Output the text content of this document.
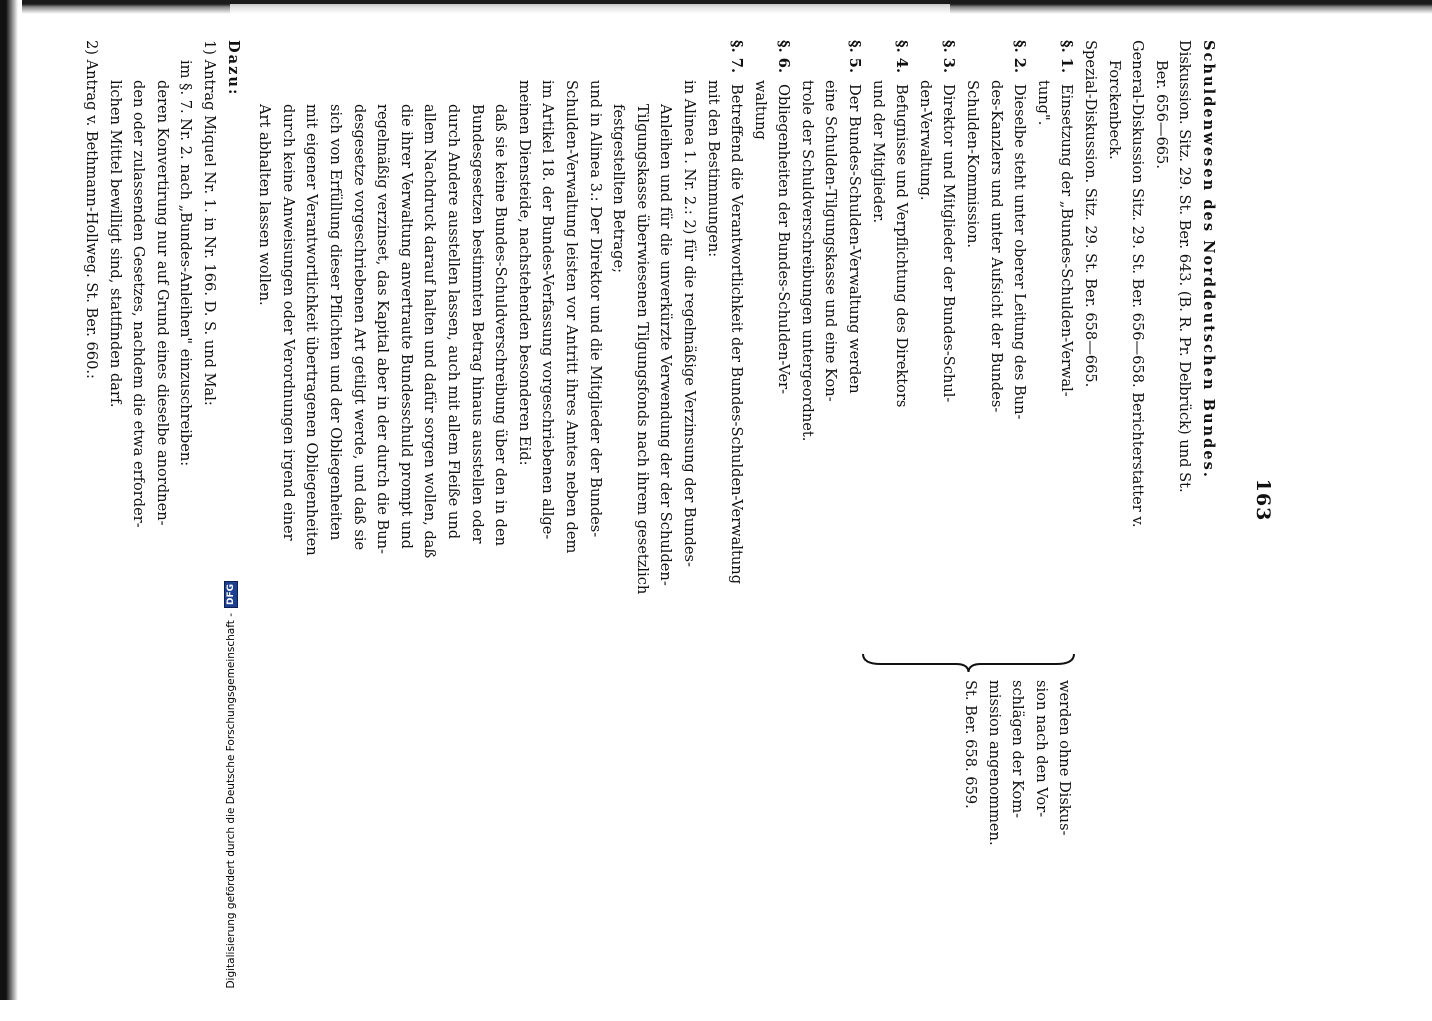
163

Schuldenwesen des Norddeutschen Bundes.

Diskussion. Sitz. 29. St. Ber. 643. (B. R. Pr. Delbrück) und St.

Ber. 656—665.

General-Diskussion Sitz. 29. St. Ber. 656—658. Berichterstatter v.

Forckenbeck.

Spezial-Diskussion. Sitz. 29. St. Ber. 658—665.

§. 1.Einsetzung der „Bundes-Schulden-Verwal-

tung".

§. 2.Dieselbe steht unter oberer Leitung des Bun-

des-Kanzlers und unter Aufsicht der Bundes-

Schulden-Kommission.

§. 3.Direktor und Mitglieder der Bundes-Schul-

den-Verwaltung.

§. 4.Befugnisse und Verpflichtung des Direktors

und der Mitglieder.

§. 5.Der Bundes-Schulden-Verwaltung werden

eine Schulden-Tilgungskasse und eine Kon-

trole der Schuldverschreibungen untergeordnet.

§. 6.Obliegenheiten der Bundes-Schulden-Ver-

waltung

werden ohne Diskus-
sion nach den Vor-
schlägen der Kom-
mission angenommen.
St. Ber. 658. 659.

§. 7.Betreffend die Verantwortlichkeit der Bundes-Schulden-Verwaltung

mit den Bestimmungen:

in Alinea 1. Nr. 2.: 2) für die regelmäßige Verzinsung der Bundes-

Anleihen und für die unverkürzte Verwendung der der Schulden-

Tilgungskasse überwiesenen Tilgungsfonds nach ihrem gesetzlich

festgestellten Betrage;

und in Alinea 3.: Der Direktor und die Mitglieder der Bundes-

Schulden-Verwaltung leisten vor Antritt ihres Amtes neben dem

im Artikel 18. der Bundes-Verfassung vorgeschriebenen allge-

meinen Diensteide, nachstehenden besonderen Eid:

daß sie keine Bundes-Schuldverschreibung über den in den

Bundesgesetzen bestimmten Betrag hinaus ausstellen oder

durch Andere ausstellen lassen, auch mit allem Fleiße und

allem Nachdruck darauf halten und dafür sorgen wollen, daß

die ihrer Verwaltung anvertraute Bundesschuld prompt und

regelmäßig verzinset, das Kapital aber in der durch die Bun-

desgesetze vorgeschriebenen Art getilgt werde, und daß sie

sich von Erfüllung dieser Pflichten und der Obliegenheiten

mit eigener Verantwortlichkeit übertragenen Obliegenheiten

durch keine Anweisungen oder Verordnungen irgend einer

Art abhalten lassen wollen.

Dazu:

1) Antrag Miquel Nr. 1. in Nr. 166. D. S. und Mal:

im §. 7. Nr. 2. nach „Bundes-Anleihen" einzuschreiben:

deren Konvertirung nur auf Grund eines dieselbe anordnen-

den oder zulassenden Gesetzes, nachdem die etwa erforder-

lichen Mittel bewilligt sind, stattfinden darf.

2) Antrag v. Bethmann-Hollweg. St. Ber. 660.:

Digitalisierung gefördert durch die Deutsche Forschungsgemeinschaft -
DFG
